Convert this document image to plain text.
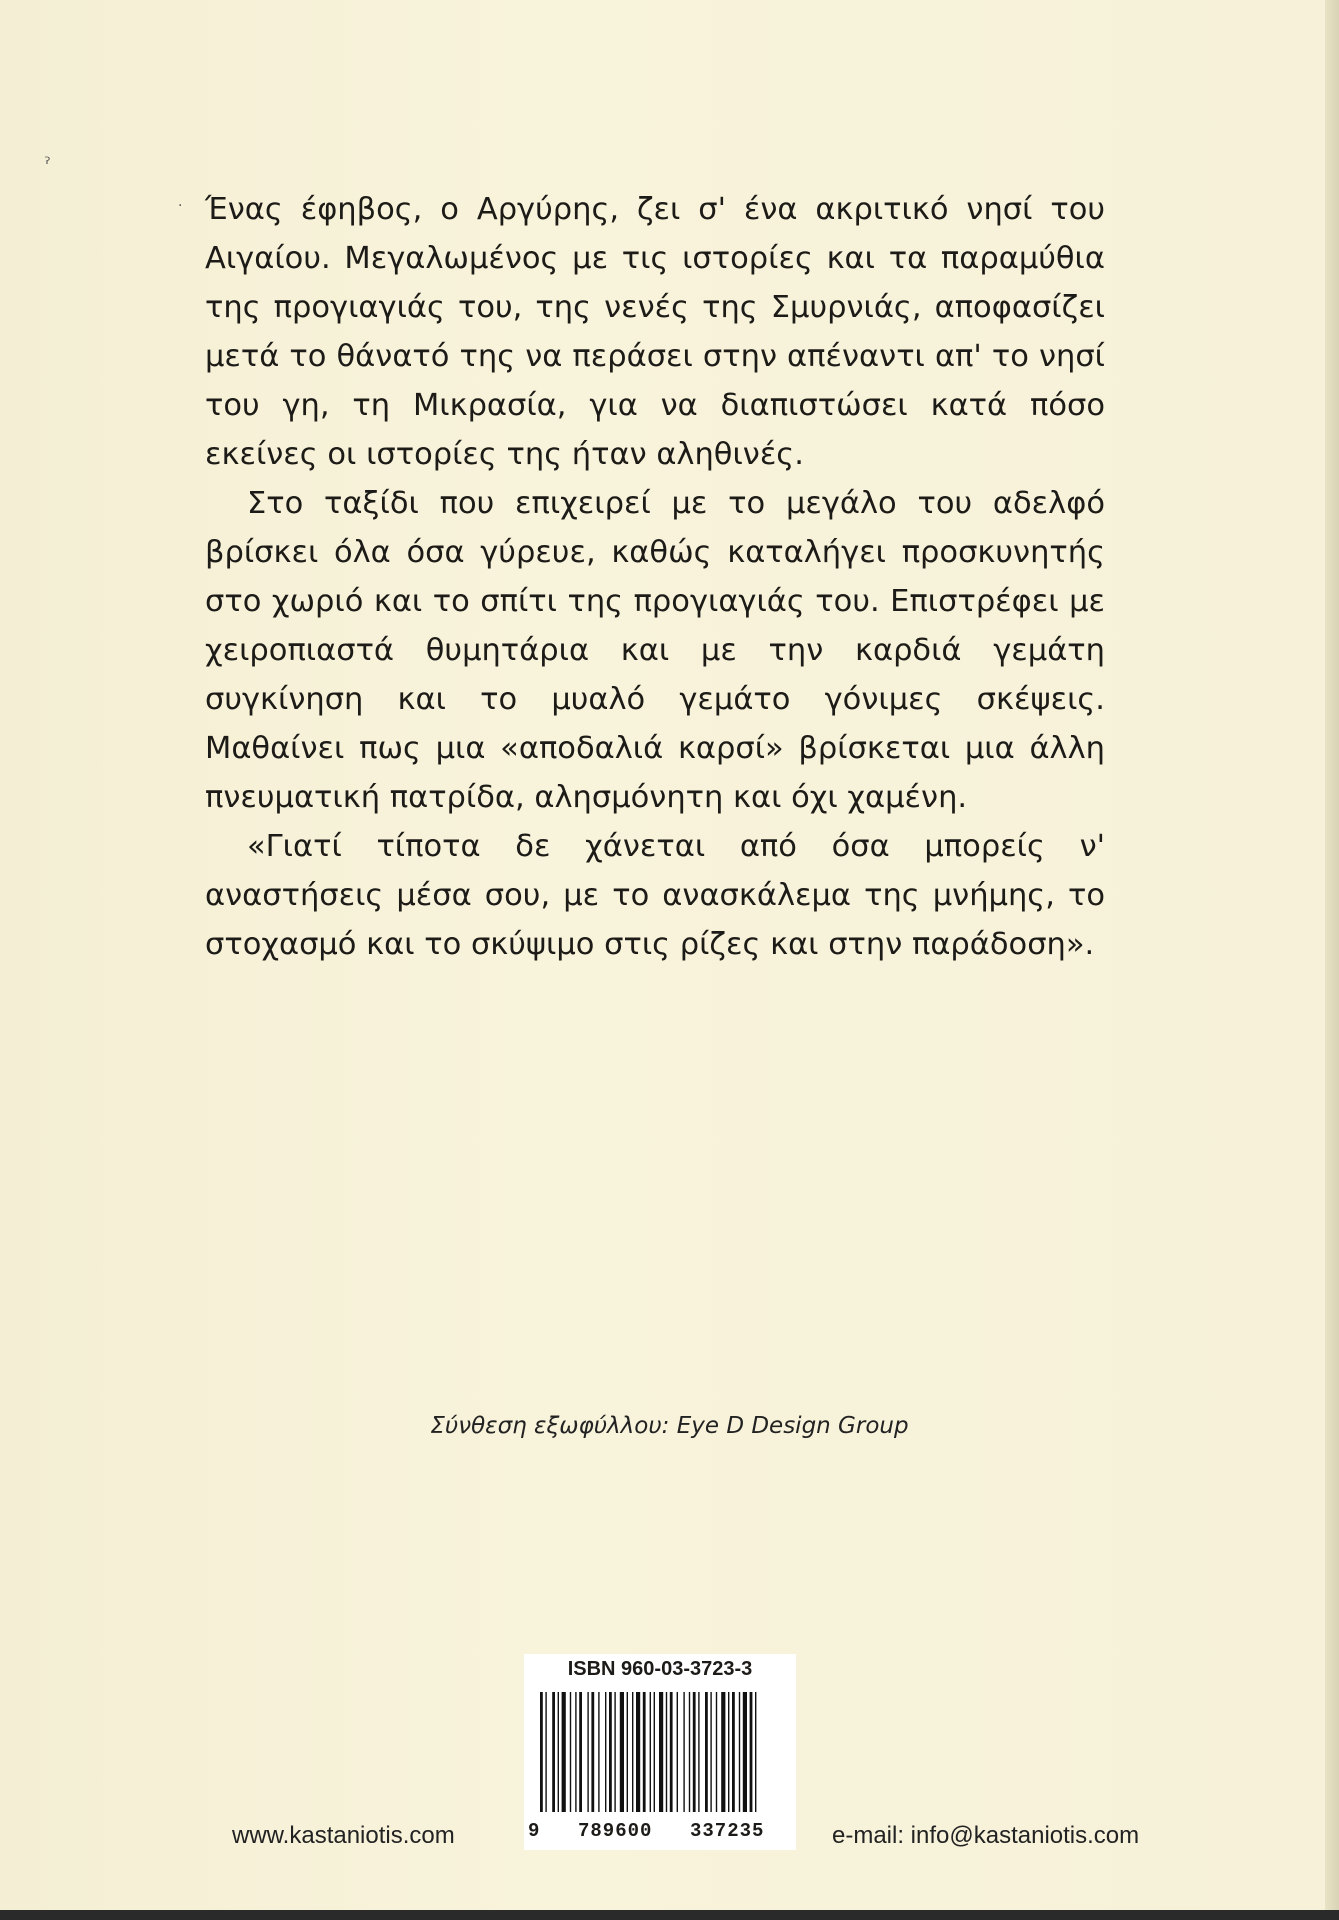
ˀ
· Ένας έφηβος, ο Αργύρης, ζει σ' ένα ακριτικό νησί του Αιγαίου. Μεγαλωμένος με τις ιστορίες και τα παραμύθια της προγιαγιάς του, της νενές της Σμυρνιάς, αποφασίζει μετά το θάνατό της να περάσει στην απέναντι απ' το νησί του γη, τη Μικρασία, για να διαπιστώσει κατά πόσο εκείνες οι ιστορίες της ήταν αληθινές.

Στο ταξίδι που επιχειρεί με το μεγάλο του αδελφό βρίσκει όλα όσα γύρευε, καθώς καταλήγει προσκυνητής στο χωριό και το σπίτι της προγιαγιάς του. Επιστρέφει με χειροπιαστά θυμητάρια και με την καρδιά γεμάτη συγκίνηση και το μυαλό γεμάτο γόνιμες σκέψεις. Μαθαίνει πως μια «αποδαλιά καρσί» βρίσκεται μια άλλη πνευματική πατρίδα, αλησμόνητη και όχι χαμένη.

«Γιατί τίποτα δε χάνεται από όσα μπορείς ν' αναστήσεις μέσα σου, με το ανασκάλεμα της μνήμης, το στοχασμό και το σκύψιμο στις ρίζες και στην παράδοση».

Σύνθεση εξωφύλλου: Eye D Design Group
ISBN 960-03-3723-3
9 789600 337235
www.kastaniotis.com	e-mail: info@kastaniotis.com
